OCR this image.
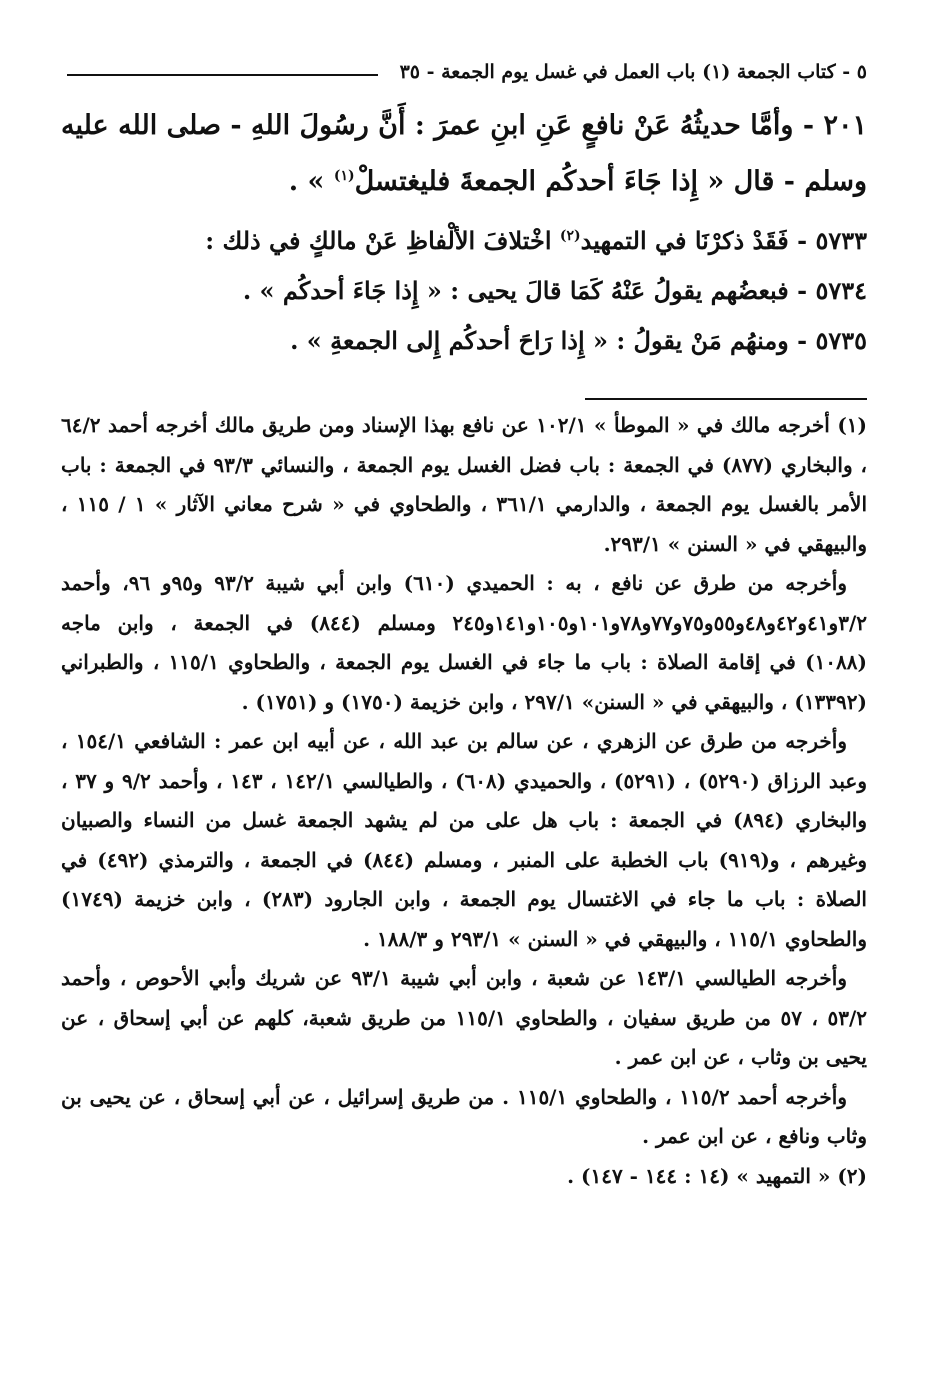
٥ - كتاب الجمعة (١) باب العمل في غسل يوم الجمعة - ٣٥

٢٠١ - وأمَّا حديثُهُ عَنْ نافعٍ عَنِ ابنِ عمرَ : أَنَّ رسُولَ اللهِ - صلى الله عليه وسلم - قال « إِذا جَاءَ أحدكُم الجمعةَ فليغتسلْ$^{(١)}$ » .

٥٧٣٣ - فَقَدْ ذكرْنَا في التمهيد$^{(٢)}$ اخْتلافَ الألْفاظِ عَنْ مالكٍ في ذلك :

٥٧٣٤ - فبعضُهم يقولُ عَنْهُ كَمَا قالَ يحيى : « إِذا جَاءَ أحدكُم » .

٥٧٣٥ - ومنهُم مَنْ يقولُ : « إِذا رَاحَ أحدكُم إِلى الجمعةِ » .

(١) أخرجه مالك في « الموطأ » ١٠٢/١ عن نافع بهذا الإسناد ومن طريق مالك أخرجه أحمد ٦٤/٢ ، والبخاري (٨٧٧) في الجمعة : باب فضل الغسل يوم الجمعة ، والنسائي ٩٣/٣ في الجمعة : باب الأمر بالغسل يوم الجمعة ، والدارمي ٣٦١/١ ، والطحاوي في « شرح معاني الآثار » ١ / ١١٥ ، والبيهقي في « السنن » ٢٩٣/١.

وأخرجه من طرق عن نافع ، به : الحميدي (٦١٠) وابن أبي شيبة ٩٣/٢ و٩٥و ٩٦، وأحمد ٣/٢و٤١و٤٢و٤٨و٥٥و٧٥و٧٧و٧٨و١٠١و١٠٥و١٤١و٢٤٥ ومسلم (٨٤٤) في الجمعة ، وابن ماجه (١٠٨٨) في إقامة الصلاة : باب ما جاء في الغسل يوم الجمعة ، والطحاوي ١١٥/١ ، والطبراني (١٣٣٩٢) ، والبيهقي في « السنن» ٢٩٧/١ ، وابن خزيمة (١٧٥٠) و (١٧٥١) .

وأخرجه من طرق عن الزهري ، عن سالم بن عبد الله ، عن أبيه ابن عمر : الشافعي ١٥٤/١ ، وعبد الرزاق (٥٢٩٠) ، (٥٢٩١) ، والحميدي (٦٠٨) ، والطيالسي ١٤٢/١ ، ١٤٣ ، وأحمد ٩/٢ و ٣٧ ، والبخاري (٨٩٤) في الجمعة : باب هل على من لم يشهد الجمعة غسل من النساء والصبيان وغيرهم ، و(٩١٩) باب الخطبة على المنبر ، ومسلم (٨٤٤) في الجمعة ، والترمذي (٤٩٢) في الصلاة : باب ما جاء في الاغتسال يوم الجمعة ، وابن الجارود (٢٨٣) ، وابن خزيمة (١٧٤٩) والطحاوي ١١٥/١ ، والبيهقي في « السنن » ٢٩٣/١ و ١٨٨/٣ .

وأخرجه الطيالسي ١٤٣/١ عن شعبة ، وابن أبي شيبة ٩٣/١ عن شريك وأبي الأحوص ، وأحمد ٥٣/٢ ، ٥٧ من طريق سفيان ، والطحاوي ١١٥/١ من طريق شعبة، كلهم عن أبي إسحاق ، عن يحيى بن وثاب ، عن ابن عمر .

وأخرجه أحمد ١١٥/٢ ، والطحاوي ١١٥/١ . من طريق إسرائيل ، عن أبي إسحاق ، عن يحيى بن وثاب ونافع ، عن ابن عمر .

(٢) « التمهيد » (١٤ : ١٤٤ - ١٤٧) .
